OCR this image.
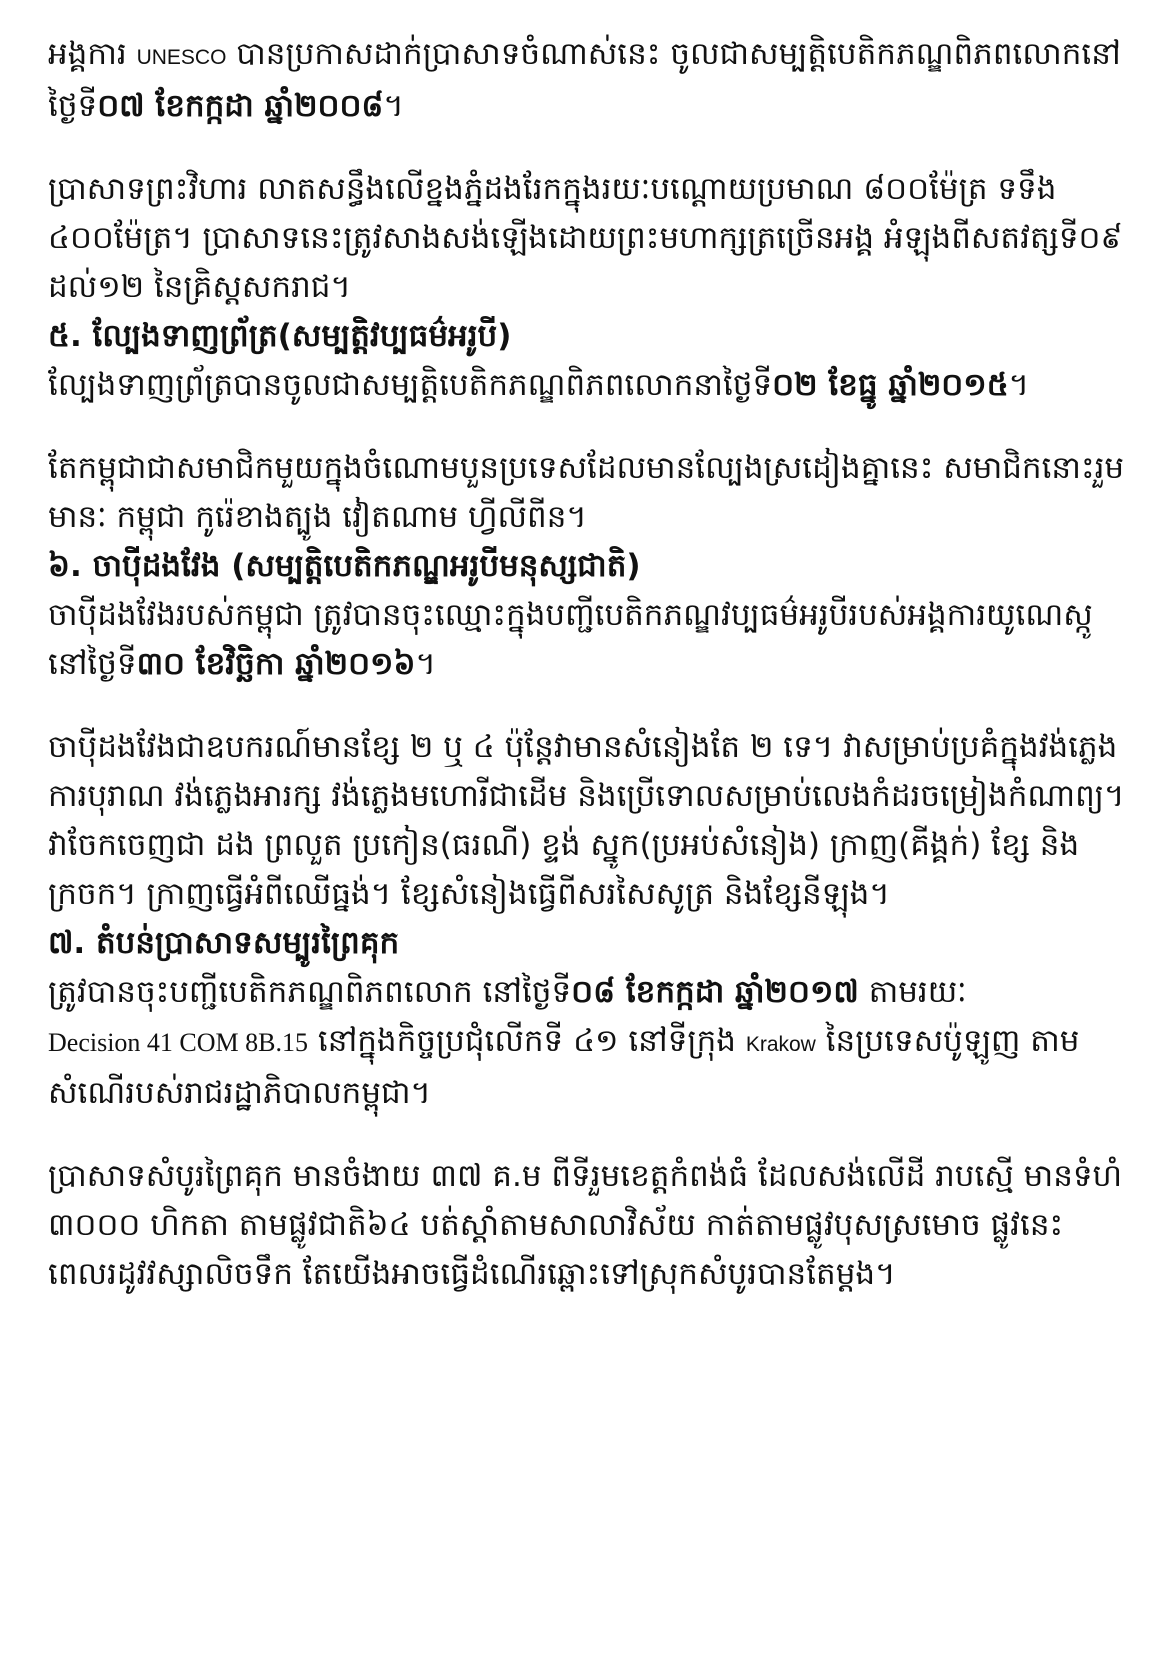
អង្គការ UNESCO បានប្រកាសដាក់ប្រាសាទចំណាស់នេះ ចូលជាសម្បត្តិបេតិកភណ្ឌពិភពលោកនៅថ្ងៃទី០៧ ខែកក្កដា ឆ្នាំ២០០៨។

ប្រាសាទព្រះវិហារ លាតសន្ធឹងលើខ្នងភ្នំដងរែកក្នុងរយៈបណ្ដោយប្រមាណ ៨០០ម៉ែត្រ ទទឹង ៤០០ម៉ែត្រ។ ប្រាសាទនេះត្រូវសាងសង់ឡើងដោយព្រះមហាក្សត្រច្រើនអង្គ អំឡុងពីសតវត្សទី០៩ ដល់១២ នៃគ្រិស្តសករាជ។

៥. ល្បែងទាញព្រ័ត្រ(សម្បត្តិវប្បធម៌អរូបី)

ល្បែងទាញព្រ័ត្របានចូលជាសម្បត្តិបេតិកភណ្ឌពិភពលោកនាថ្ងៃទី០២ ខែធ្នូ ឆ្នាំ២០១៥។

តែកម្ពុជាជាសមាជិកមួយក្នុងចំណោមបួនប្រទេសដែលមានល្បែងស្រដៀងគ្នានេះ សមាជិកនោះរួមមានៈ កម្ពុជា កូរ៉េខាងត្បូង វៀតណាម ហ្វីលីពីន។

៦. ចាប៉ីដងវែង (សម្បត្តិបេតិកភណ្ឌអរូបីមនុស្សជាតិ)

ចាប៉ីដងវែងរបស់កម្ពុជា ត្រូវបានចុះឈ្មោះក្នុងបញ្ជីបេតិកភណ្ឌវប្បធម៌អរូបីរបស់អង្គការយូណេស្កូ នៅថ្ងៃទី៣០ ខែវិច្ឆិកា ឆ្នាំ២០១៦។

ចាប៉ីដងវែងជាឧបករណ៍មានខ្សែ ២ ឬ ៤ ប៉ុន្តែវាមានសំនៀងតែ ២ ទេ។ វាសម្រាប់ប្រគំក្នុងវង់ភ្លេងការបុរាណ វង់ភ្លេងអារក្ស វង់ភ្លេងមហោរីជាដើម និងប្រើទោលសម្រាប់លេងកំដរចម្រៀងកំណាព្យ។ វាចែកចេញជា ដង ព្រលួត ប្រកៀន(ធរណី) ខ្ទង់ ស្នូក(ប្រអប់សំនៀង) ក្រាញ(គីង្គក់) ខ្សែ និងក្រចក។ ក្រាញធ្វើអំពីឈើធ្នង់។ ខ្សែសំនៀងធ្វើពីសរសៃសូត្រ និងខ្សែនីឡុង។

៧. តំបន់ប្រាសាទសម្បូរព្រៃគុក

ត្រូវបានចុះបញ្ជីបេតិកភណ្ឌពិភពលោក នៅថ្ងៃទី០៨ ខែកក្កដា ឆ្នាំ២០១៧ តាមរយៈ
Decision 41 COM 8B.15 នៅក្នុងកិច្ចប្រជុំលើកទី ៤១ នៅទីក្រុង Krakow នៃប្រទេសប៉ូឡូញ តាមសំណើរបស់រាជរដ្ឋាភិបាលកម្ពុជា។

ប្រាសាទសំបូរព្រៃគុក មានចំងាយ ៣៧ គ.ម ពីទីរួមខេត្តកំពង់ធំ ដែលសង់លើដី រាបស្មើ មានទំហំ ៣០០០ ហិកតា តាមផ្លូវជាតិ៦៤ បត់ស្ដាំតាមសាលាវិស័យ កាត់តាមផ្លូវបុសស្រមោច ផ្លូវនេះ ពេលរដូវវស្សាលិចទឹក តែយើងអាចធ្វើដំណើរឆ្ពោះទៅស្រុកសំបូរបានតែម្ដង។
